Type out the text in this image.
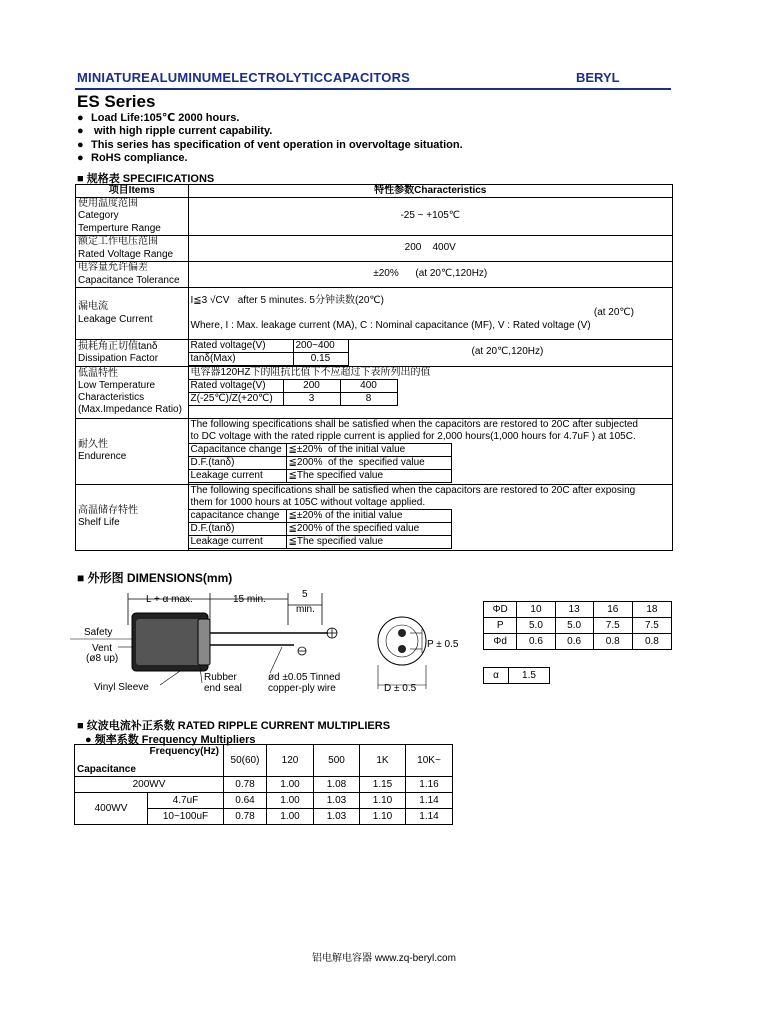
MINIATUREALUMINUMELECTROLYTICCAPACITORS	BERYL
ES Series
● Load Life:105℃ 2000 hours.
● with high ripple current capability.
● This series has specification of vent operation in overvoltage situation.
● RoHS compliance.
■ 规格表 SPECIFICATIONS
项目Items	特性参数Characteristics

使用温度范围
Category
Temperture Range
	-25 ~ +105℃

额定工作电压范围
Rated Voltage Range
	200    400V

电容量允许偏差
Capacitance Tolerance
	±20%      (at 20℃,120Hz)

漏电流
Leakage Current

I≦3 √CV   after 5 minutes. 5分钟读数(20℃)
(at 20℃)
Where, I : Max. leakage current (MA), C : Nominal capacitance (MF), V : Rated voltage (V)

损耗角正切值tanδ
Dissipation Factor

Rated voltage(V)	200~400
tanδ(Max)	0.15
(at 20℃,120Hz)

低温特性
Low Temperature
Characteristics
(Max.Impedance Ratio)

电容器120HZ下的阻抗比值下不应超过下表所列出的值
Rated voltage(V)	200	400
Z(-25℃)/Z(+20℃)	3	8

耐久性
Endurence

The following specifications shall be satisfied when the capacitors are restored to 20C after subjected
to DC voltage with the rated ripple current is applied for 2,000 hours(1,000 hours for 4.7uF ) at 105C.
Capacitance change	≦±20%  of the initial value
D.F.(tanδ)	≦200%  of the  specified value
Leakage current	≦The specified value

高温储存特性
Shelf Life

The following specifications shall be satisfied when the capacitors are restored to 20C after exposing
them for 1000 hours at 105C without voltage applied.
capacitance change	≦±20% of the initial value
D.F.(tanδ)	≦200% of the specified value
Leakage current	≦The specified value
■ 外形图 DIMENSIONS(mm)
L + α max.	15 min.	5
min.
Safety
Vent
(ø8 up)
Vinyl Sleeve
Rubber
end seal
ød ±0.05 Tinned
copper-ply wire
P ± 0.5
D ± 0.5
ΦD	10	13	16	18
P	5.0	5.0	7.5	7.5
Φd	0.6	0.6	0.8	0.8
α	1.5
■ 纹波电流补正系数 RATED RIPPLE CURRENT MULTIPLIERS
● 频率系数 Frequency Multipliers
Frequency(Hz)
Capacitance		50(60)	120	500	1K	10K~
200WV		0.78	1.00	1.08	1.15	1.16
400WV	4.7uF	0.64	1.00	1.03	1.10	1.14
	10~100uF	0.78	1.00	1.03	1.10	1.14
铝电解电容器 www.zq-beryl.com
